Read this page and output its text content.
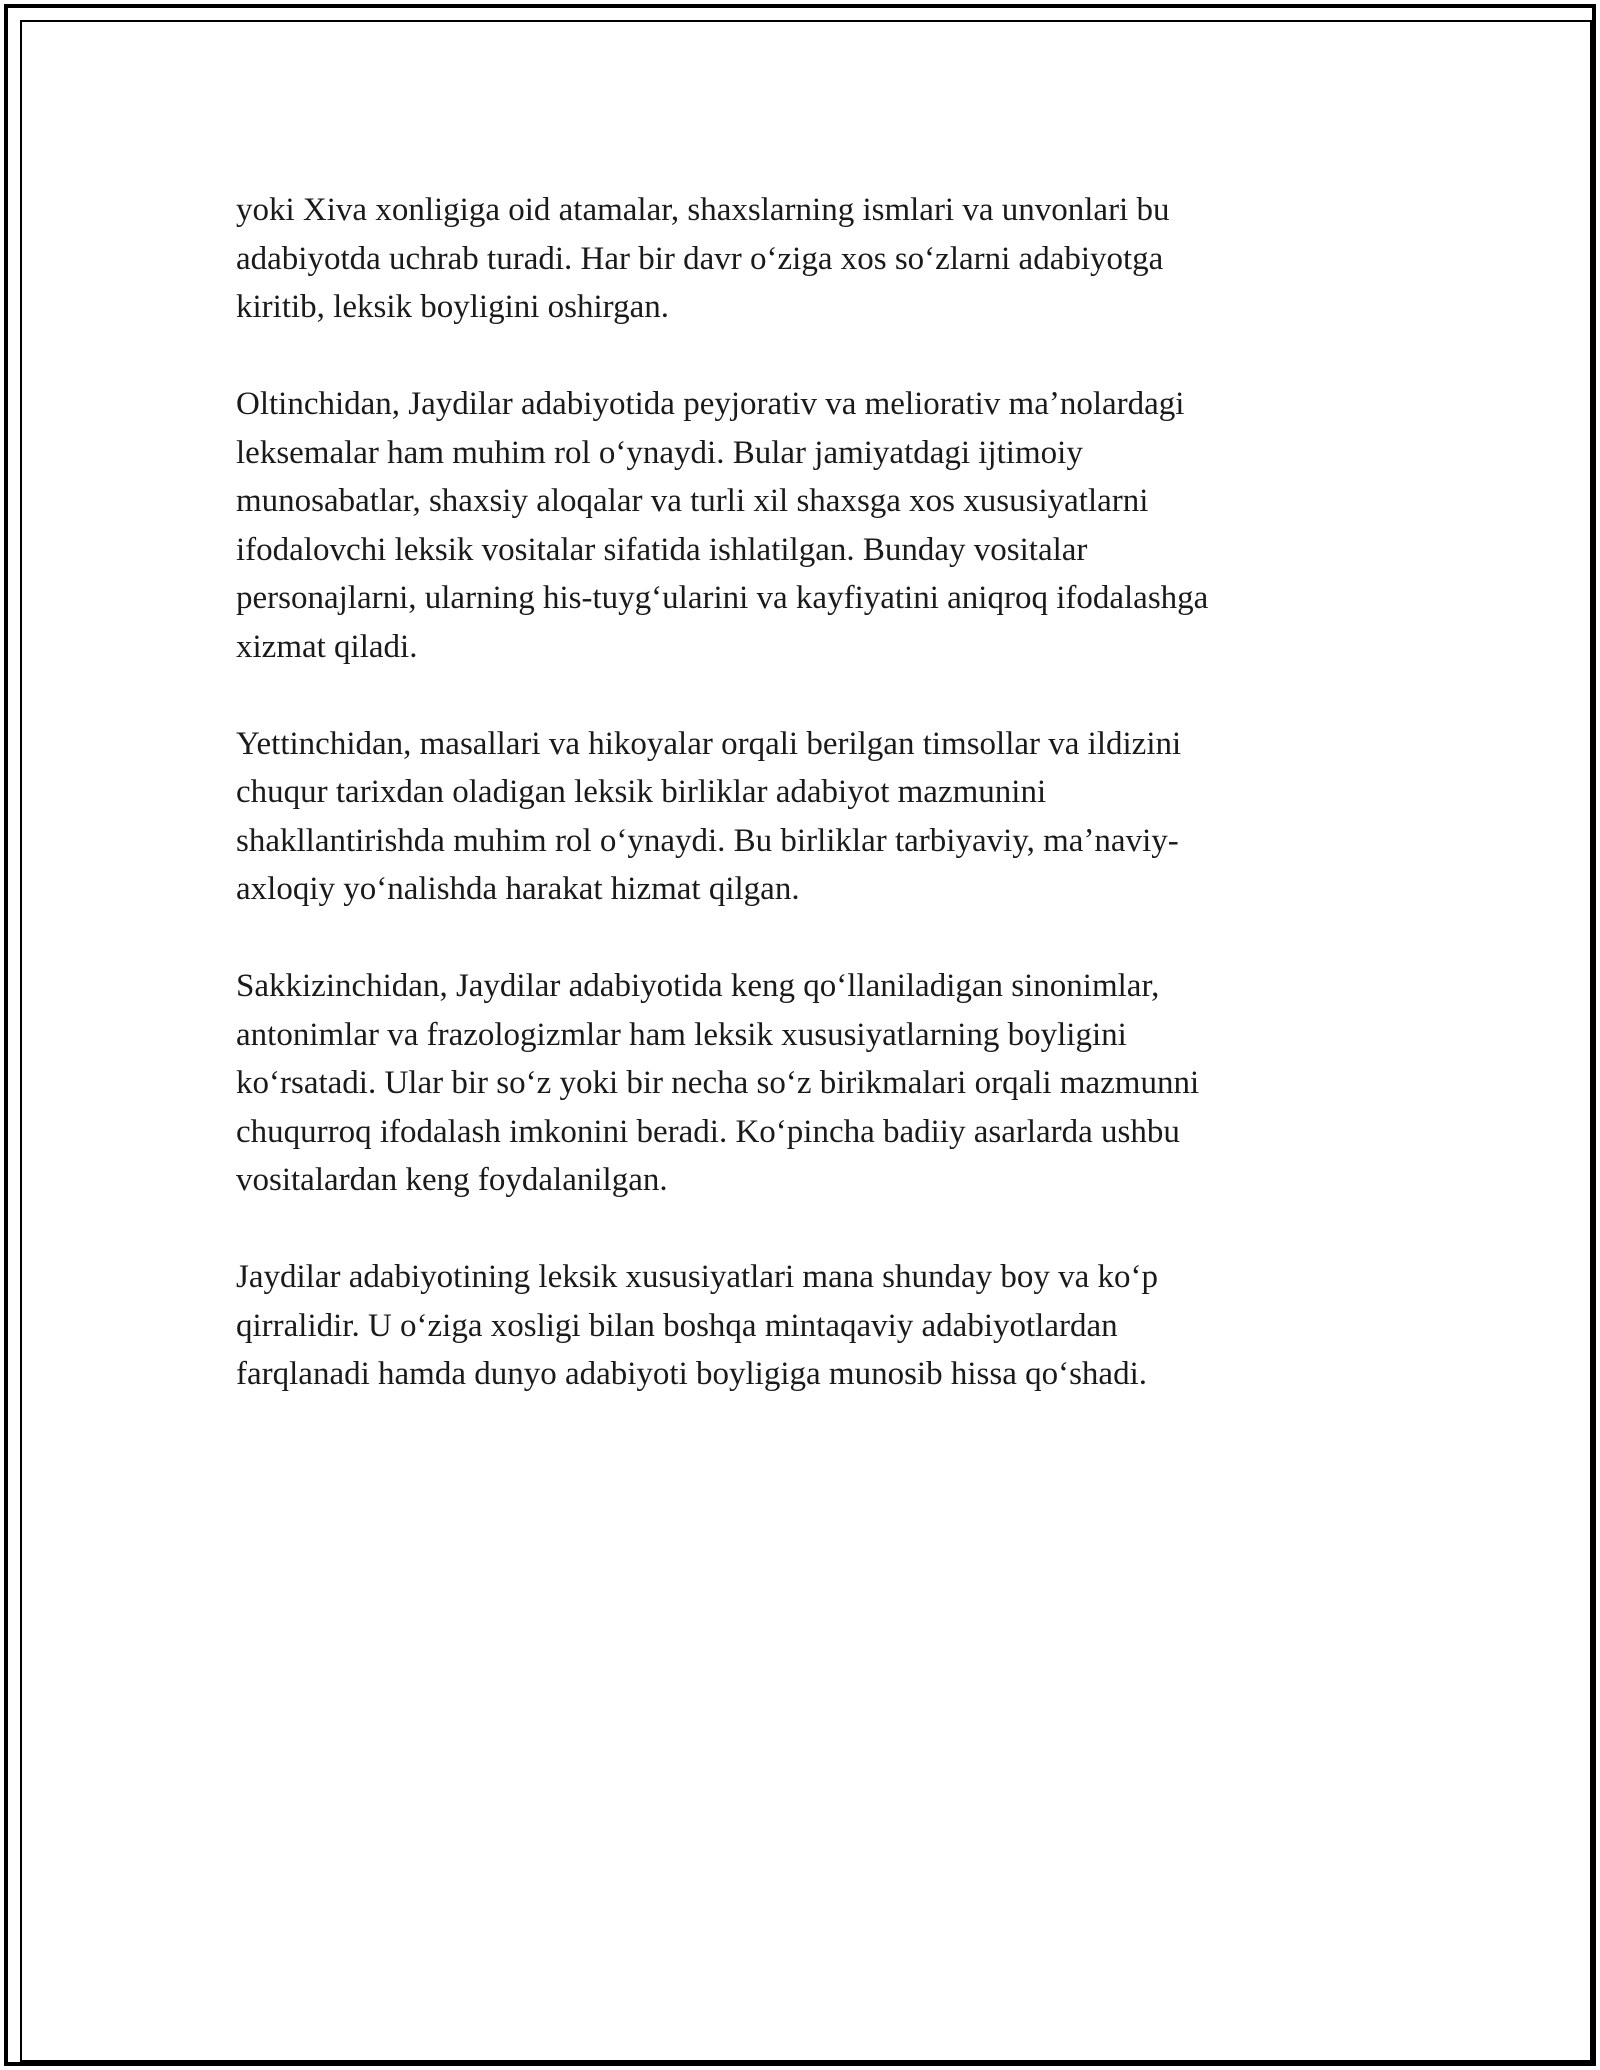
yoki Xiva xonligiga oid atamalar, shaxslarning ismlari va unvonlari bu
adabiyotda uchrab turadi. Har bir davr oʻziga xos soʻzlarni adabiyotga
kiritib, leksik boyligini oshirgan.

Oltinchidan, Jaydilar adabiyotida peyjorativ va meliorativ maʼnolardagi
leksemalar ham muhim rol oʻynaydi. Bular jamiyatdagi ijtimoiy
munosabatlar, shaxsiy aloqalar va turli xil shaxsga xos xususiyatlarni
ifodalovchi leksik vositalar sifatida ishlatilgan. Bunday vositalar
personajlarni, ularning his-tuygʻularini va kayfiyatini aniqroq ifodalashga
xizmat qiladi.

Yettinchidan, masallari va hikoyalar orqali berilgan timsollar va ildizini
chuqur tarixdan oladigan leksik birliklar adabiyot mazmunini
shakllantirishda muhim rol oʻynaydi. Bu birliklar tarbiyaviy, maʼnaviy-
axloqiy yoʻnalishda harakat hizmat qilgan.

Sakkizinchidan, Jaydilar adabiyotida keng qoʻllaniladigan sinonimlar,
antonimlar va frazologizmlar ham leksik xususiyatlarning boyligini
koʻrsatadi. Ular bir soʻz yoki bir necha soʻz birikmalari orqali mazmunni
chuqurroq ifodalash imkonini beradi. Koʻpincha badiiy asarlarda ushbu
vositalardan keng foydalanilgan.

Jaydilar adabiyotining leksik xususiyatlari mana shunday boy va koʻp
qirralidir. U oʻziga xosligi bilan boshqa mintaqaviy adabiyotlardan
farqlanadi hamda dunyo adabiyoti boyligiga munosib hissa qoʻshadi.
